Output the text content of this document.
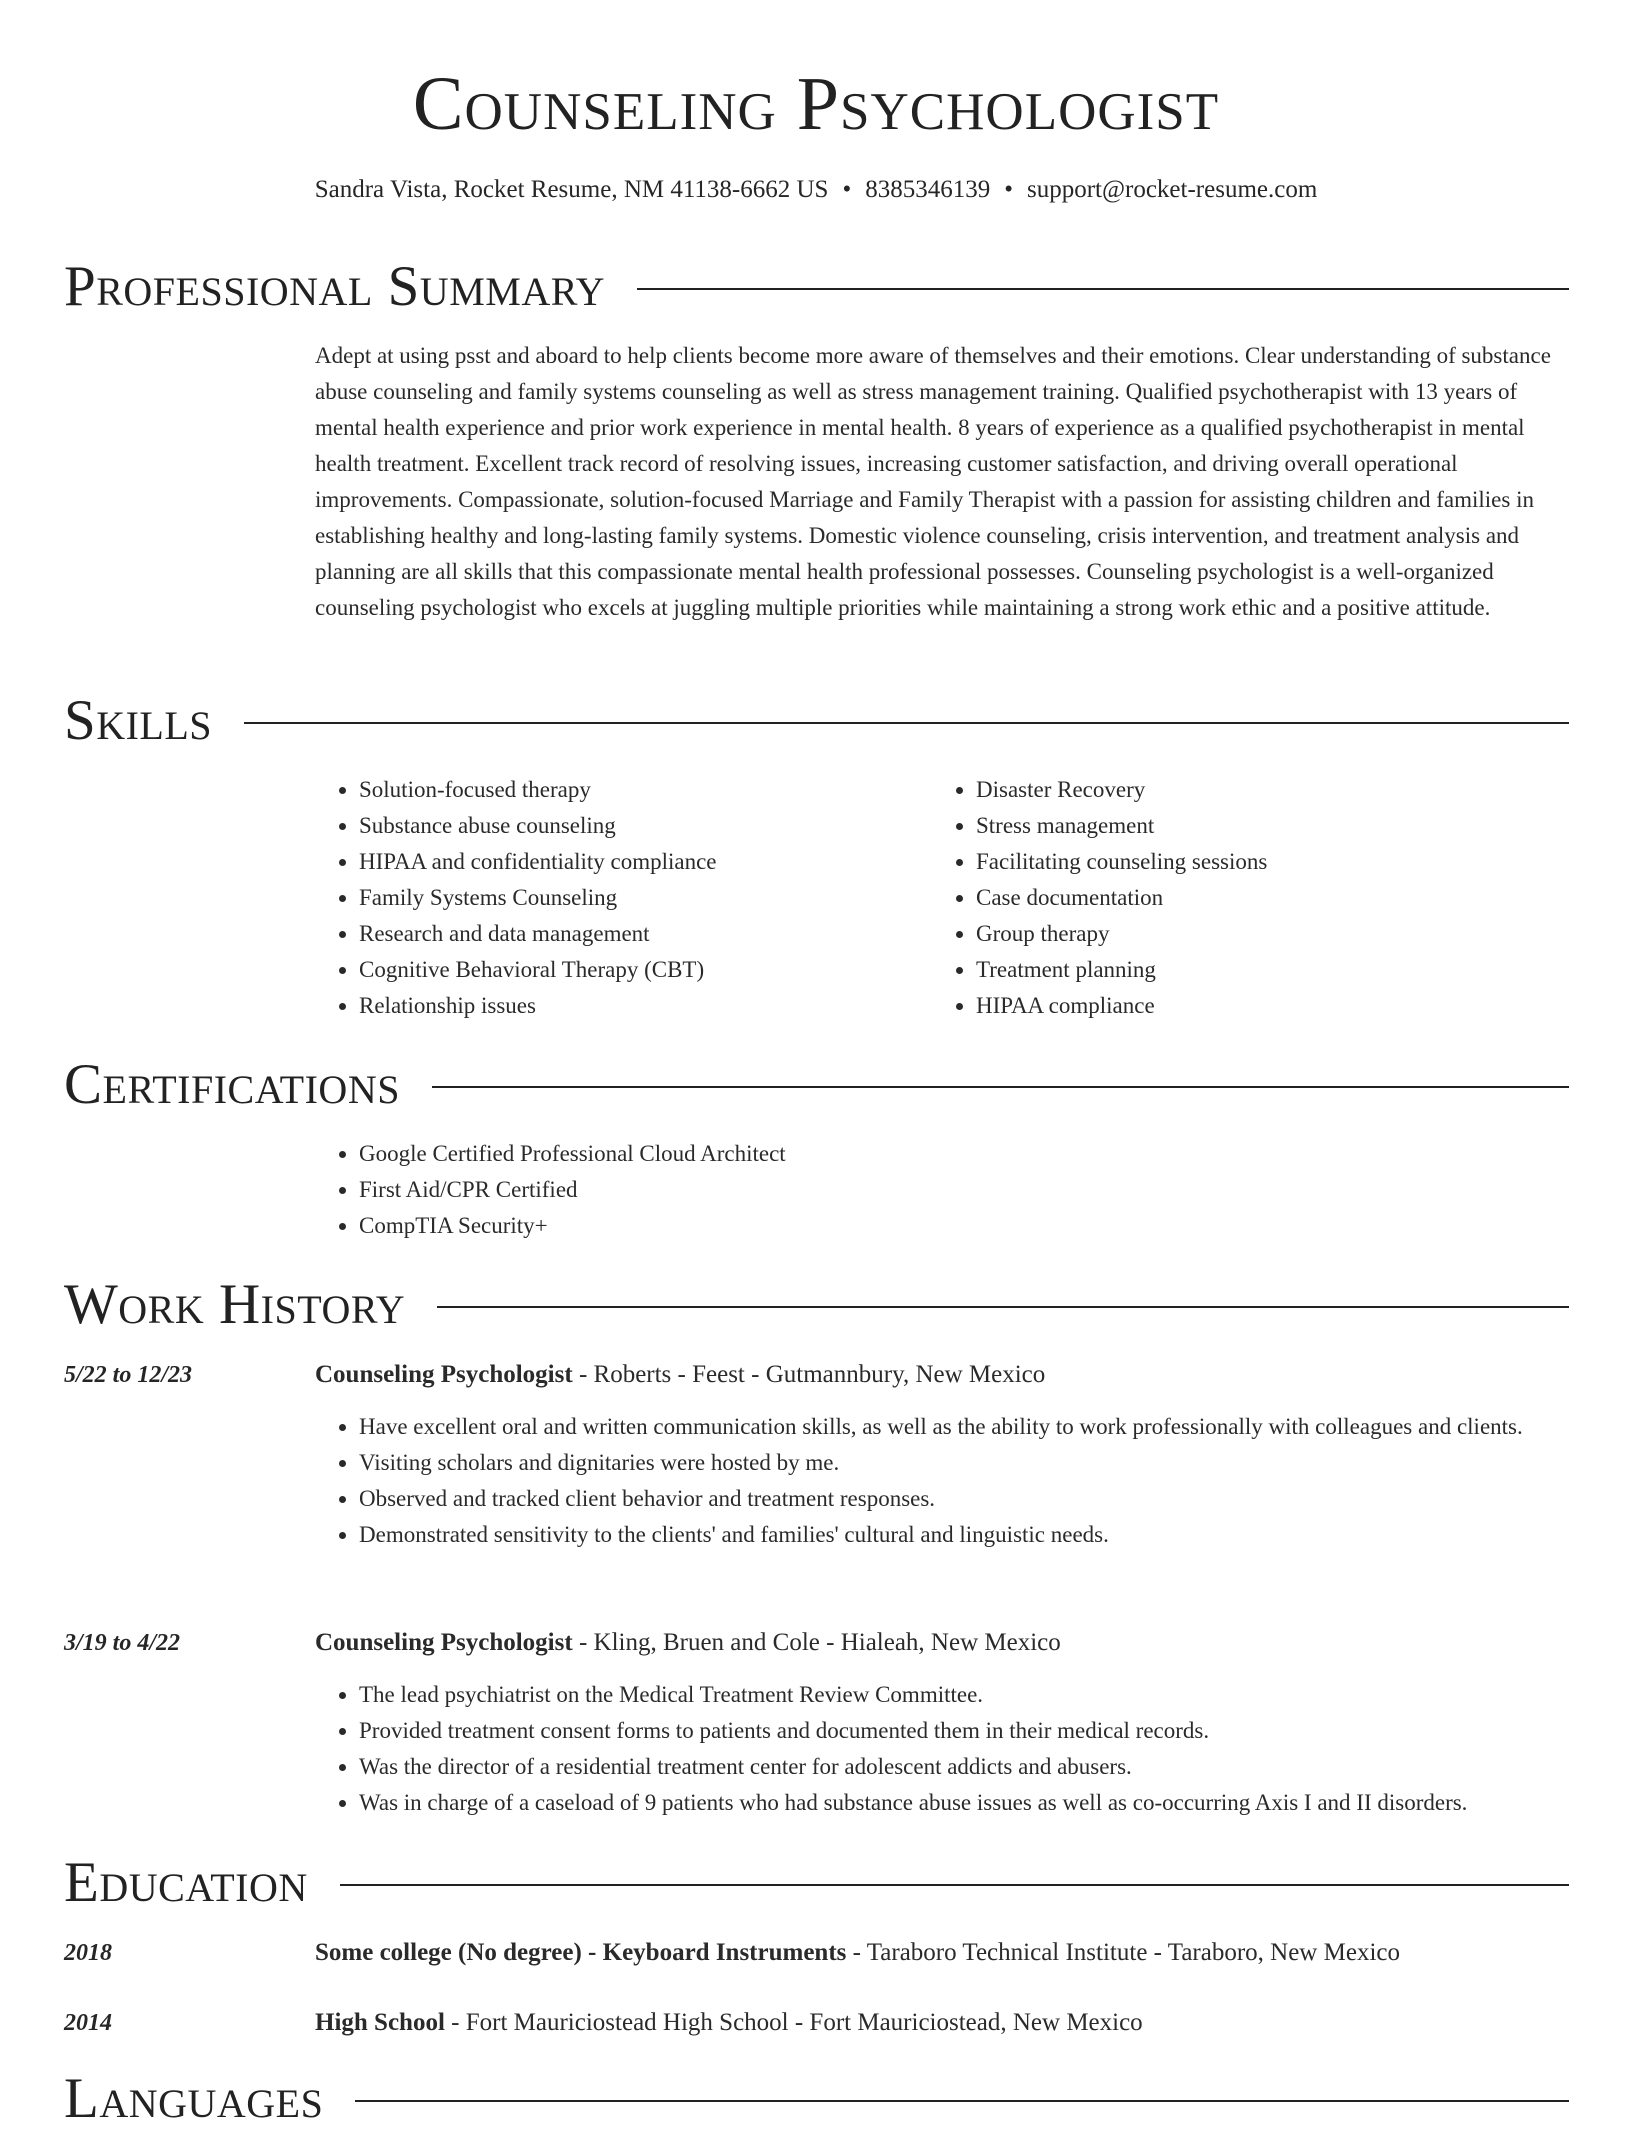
Counseling Psychologist
Sandra Vista, Rocket Resume, NM 41138-6662 US • 8385346139 • support@rocket-resume.com
Professional Summary
Adept at using psst and aboard to help clients become more aware of themselves and their emotions. Clear understanding of substance abuse counseling and family systems counseling as well as stress management training. Qualified psychotherapist with 13 years of mental health experience and prior work experience in mental health. 8 years of experience as a qualified psychotherapist in mental health treatment. Excellent track record of resolving issues, increasing customer satisfaction, and driving overall operational improvements. Compassionate, solution-focused Marriage and Family Therapist with a passion for assisting children and families in establishing healthy and long-lasting family systems. Domestic violence counseling, crisis intervention, and treatment analysis and planning are all skills that this compassionate mental health professional possesses. Counseling psychologist is a well-organized counseling psychologist who excels at juggling multiple priorities while maintaining a strong work ethic and a positive attitude.
Skills
• Solution-focused therapy
• Substance abuse counseling
• HIPAA and confidentiality compliance
• Family Systems Counseling
• Research and data management
• Cognitive Behavioral Therapy (CBT)
• Relationship issues
• Disaster Recovery
• Stress management
• Facilitating counseling sessions
• Case documentation
• Group therapy
• Treatment planning
• HIPAA compliance
Certifications
• Google Certified Professional Cloud Architect
• First Aid/CPR Certified
• CompTIA Security+
Work History
5/22 to 12/23	Counseling Psychologist - Roberts - Feest - Gutmannbury, New Mexico
• Have excellent oral and written communication skills, as well as the ability to work professionally with colleagues and clients.
• Visiting scholars and dignitaries were hosted by me.
• Observed and tracked client behavior and treatment responses.
• Demonstrated sensitivity to the clients' and families' cultural and linguistic needs.
3/19 to 4/22	Counseling Psychologist - Kling, Bruen and Cole - Hialeah, New Mexico
• The lead psychiatrist on the Medical Treatment Review Committee.
• Provided treatment consent forms to patients and documented them in their medical records.
• Was the director of a residential treatment center for adolescent addicts and abusers.
• Was in charge of a caseload of 9 patients who had substance abuse issues as well as co-occurring Axis I and II disorders.
Education
2018	Some college (No degree) - Keyboard Instruments - Taraboro Technical Institute - Taraboro, New Mexico
2014	High School - Fort Mauriciostead High School - Fort Mauriciostead, New Mexico
Languages
